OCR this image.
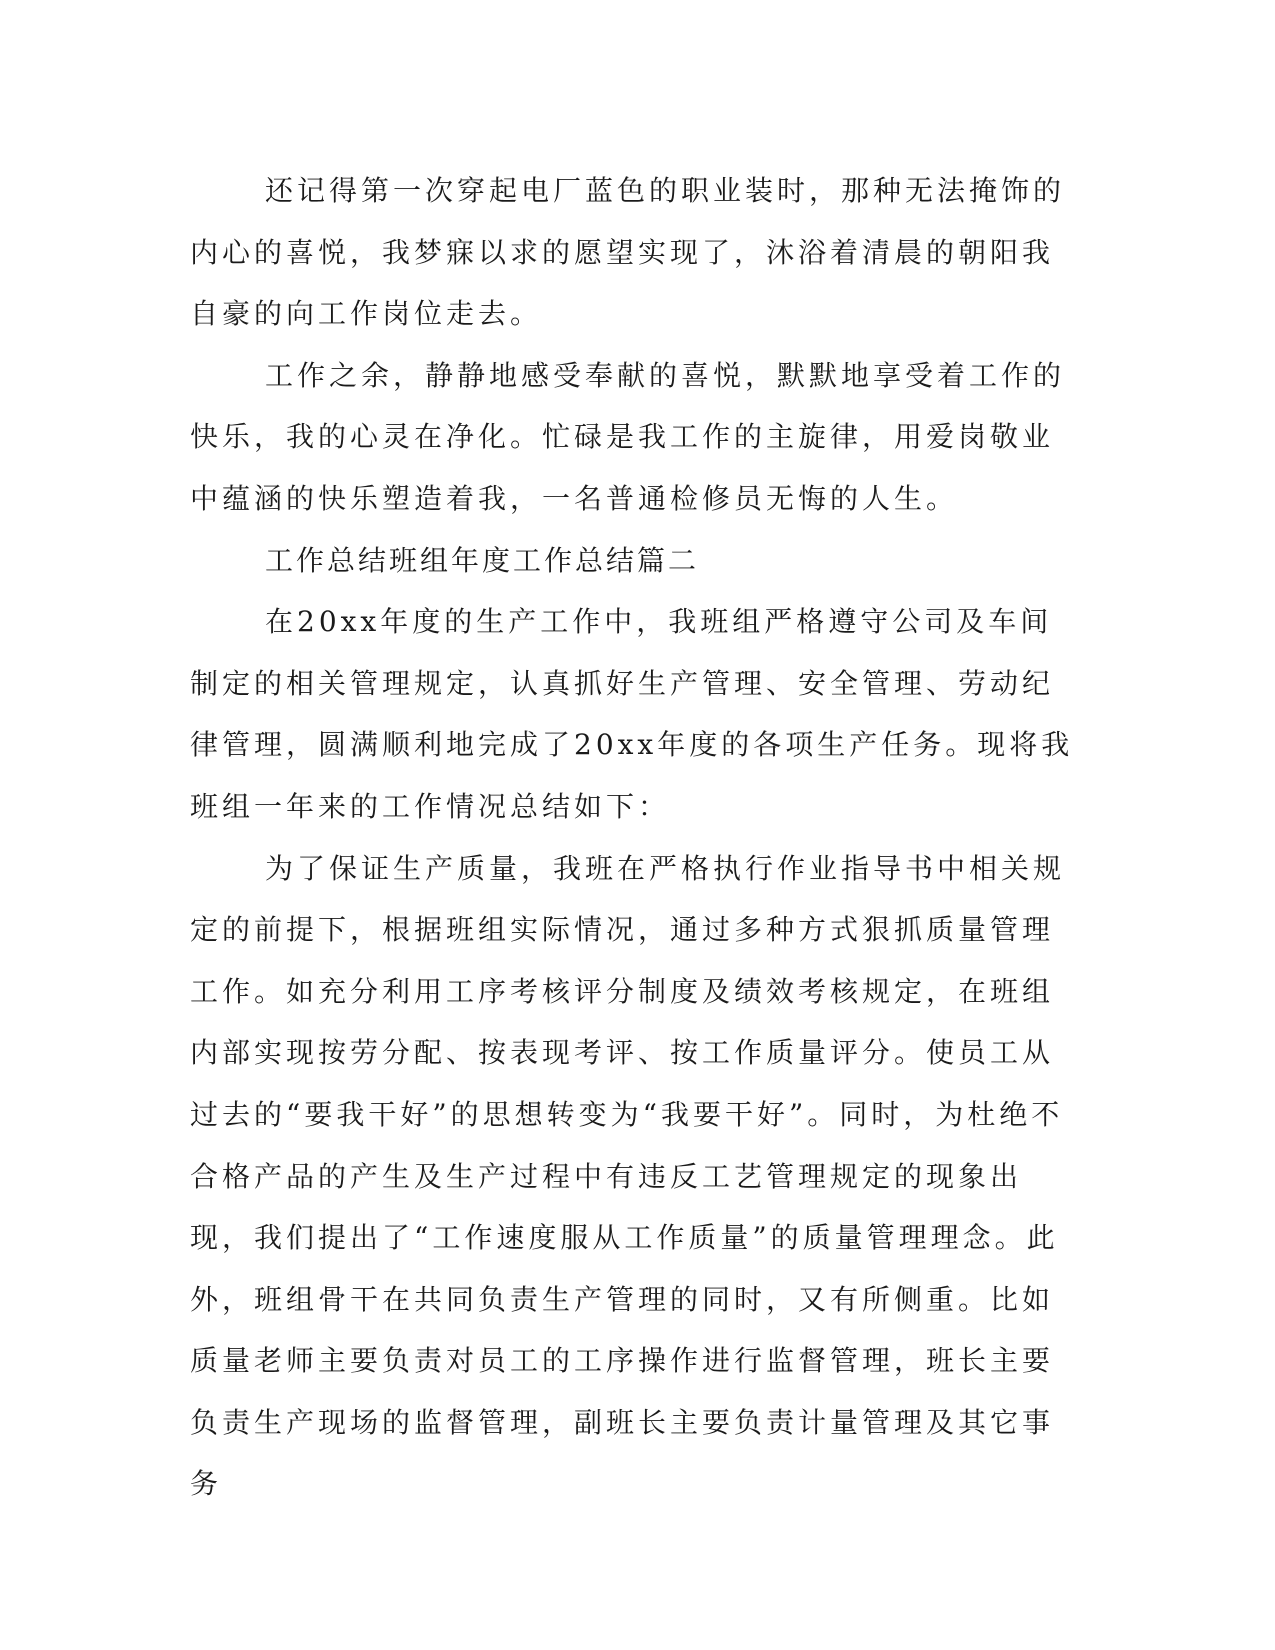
还记得第一次穿起电厂蓝色的职业装时，那种无法掩饰的内心的喜悦，我梦寐以求的愿望实现了，沐浴着清晨的朝阳我自豪的向工作岗位走去。

工作之余，静静地感受奉献的喜悦，默默地享受着工作的快乐，我的心灵在净化。忙碌是我工作的主旋律，用爱岗敬业中蕴涵的快乐塑造着我，一名普通检修员无悔的人生。

工作总结班组年度工作总结篇二

在20xx年度的生产工作中，我班组严格遵守公司及车间制定的相关管理规定，认真抓好生产管理、安全管理、劳动纪律管理，圆满顺利地完成了20xx年度的各项生产任务。现将我班组一年来的工作情况总结如下：

为了保证生产质量，我班在严格执行作业指导书中相关规定的前提下，根据班组实际情况，通过多种方式狠抓质量管理工作。如充分利用工序考核评分制度及绩效考核规定，在班组内部实现按劳分配、按表现考评、按工作质量评分。使员工从过去的“要我干好”的思想转变为“我要干好”。同时，为杜绝不合格产品的产生及生产过程中有违反工艺管理规定的现象出现，我们提出了“工作速度服从工作质量”的质量管理理念。此外，班组骨干在共同负责生产管理的同时，又有所侧重。比如质量老师主要负责对员工的工序操作进行监督管理，班长主要负责生产现场的监督管理，副班长主要负责计量管理及其它事务
